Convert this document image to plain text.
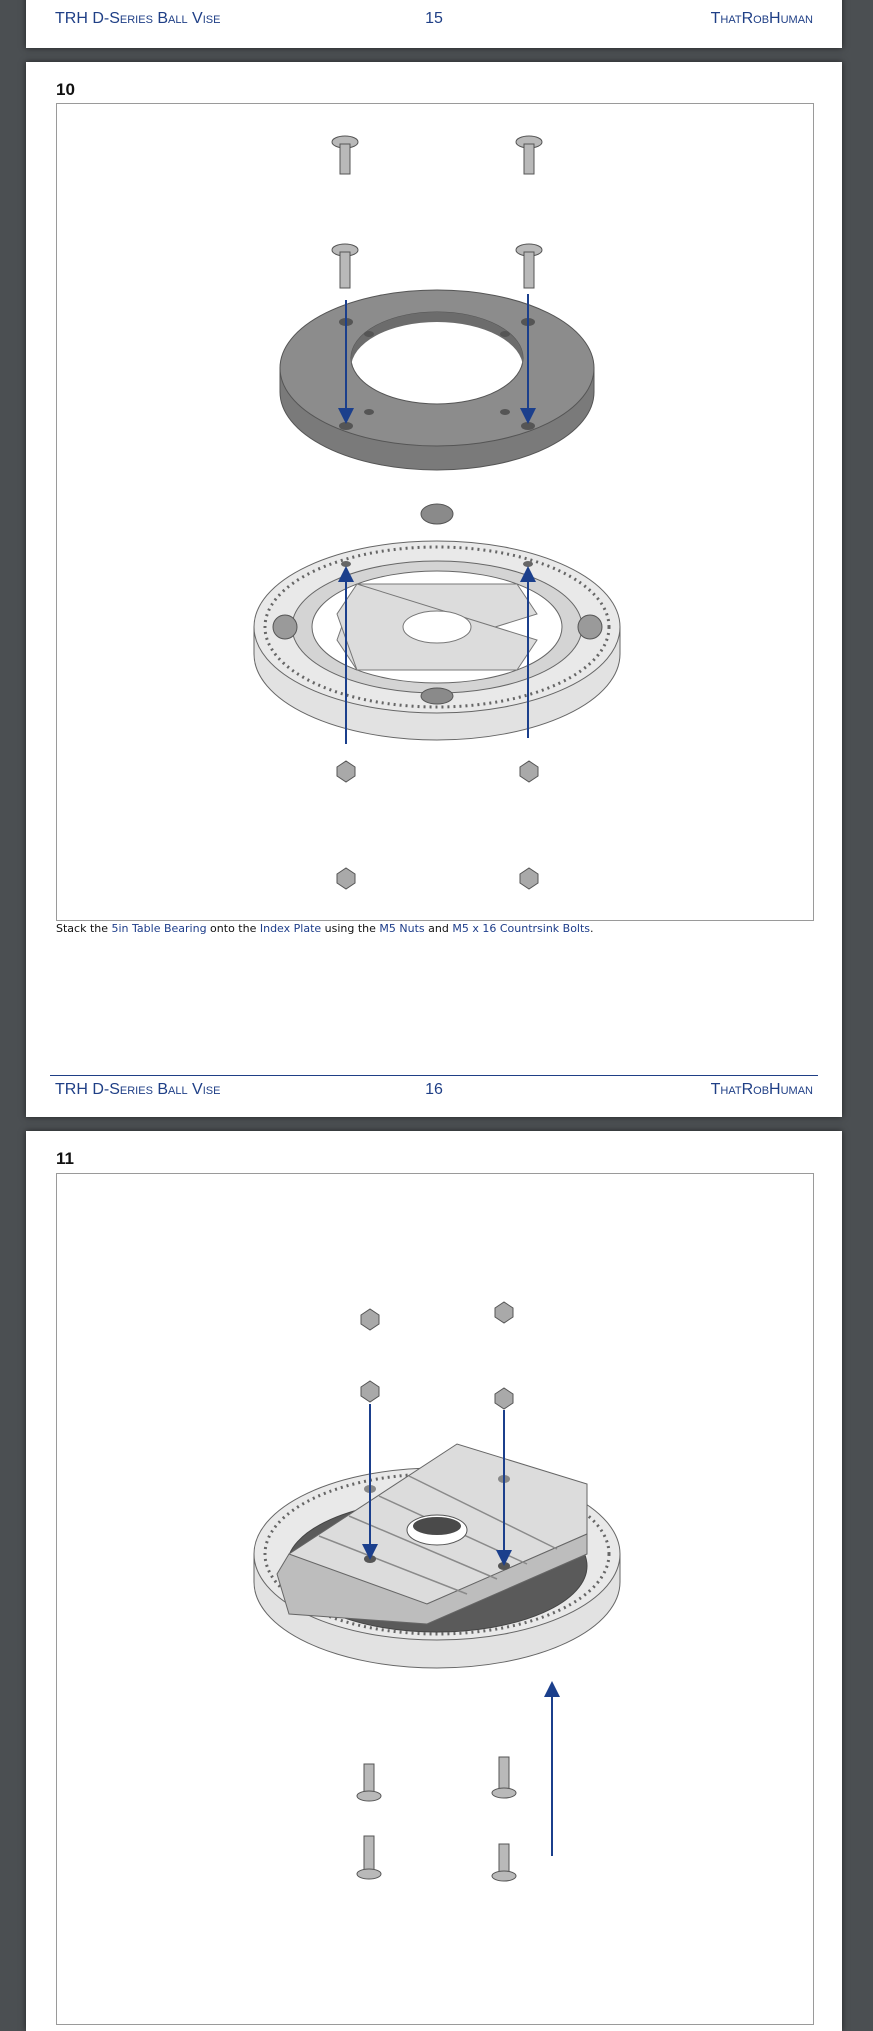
TRH D-Series Ball Vise	15	ThatRobHuman
10
Stack the 5in Table Bearing onto the Index Plate using the M5 Nuts and M5 x 16 Countrsink Bolts.
TRH D-Series Ball Vise	16	ThatRobHuman
11
